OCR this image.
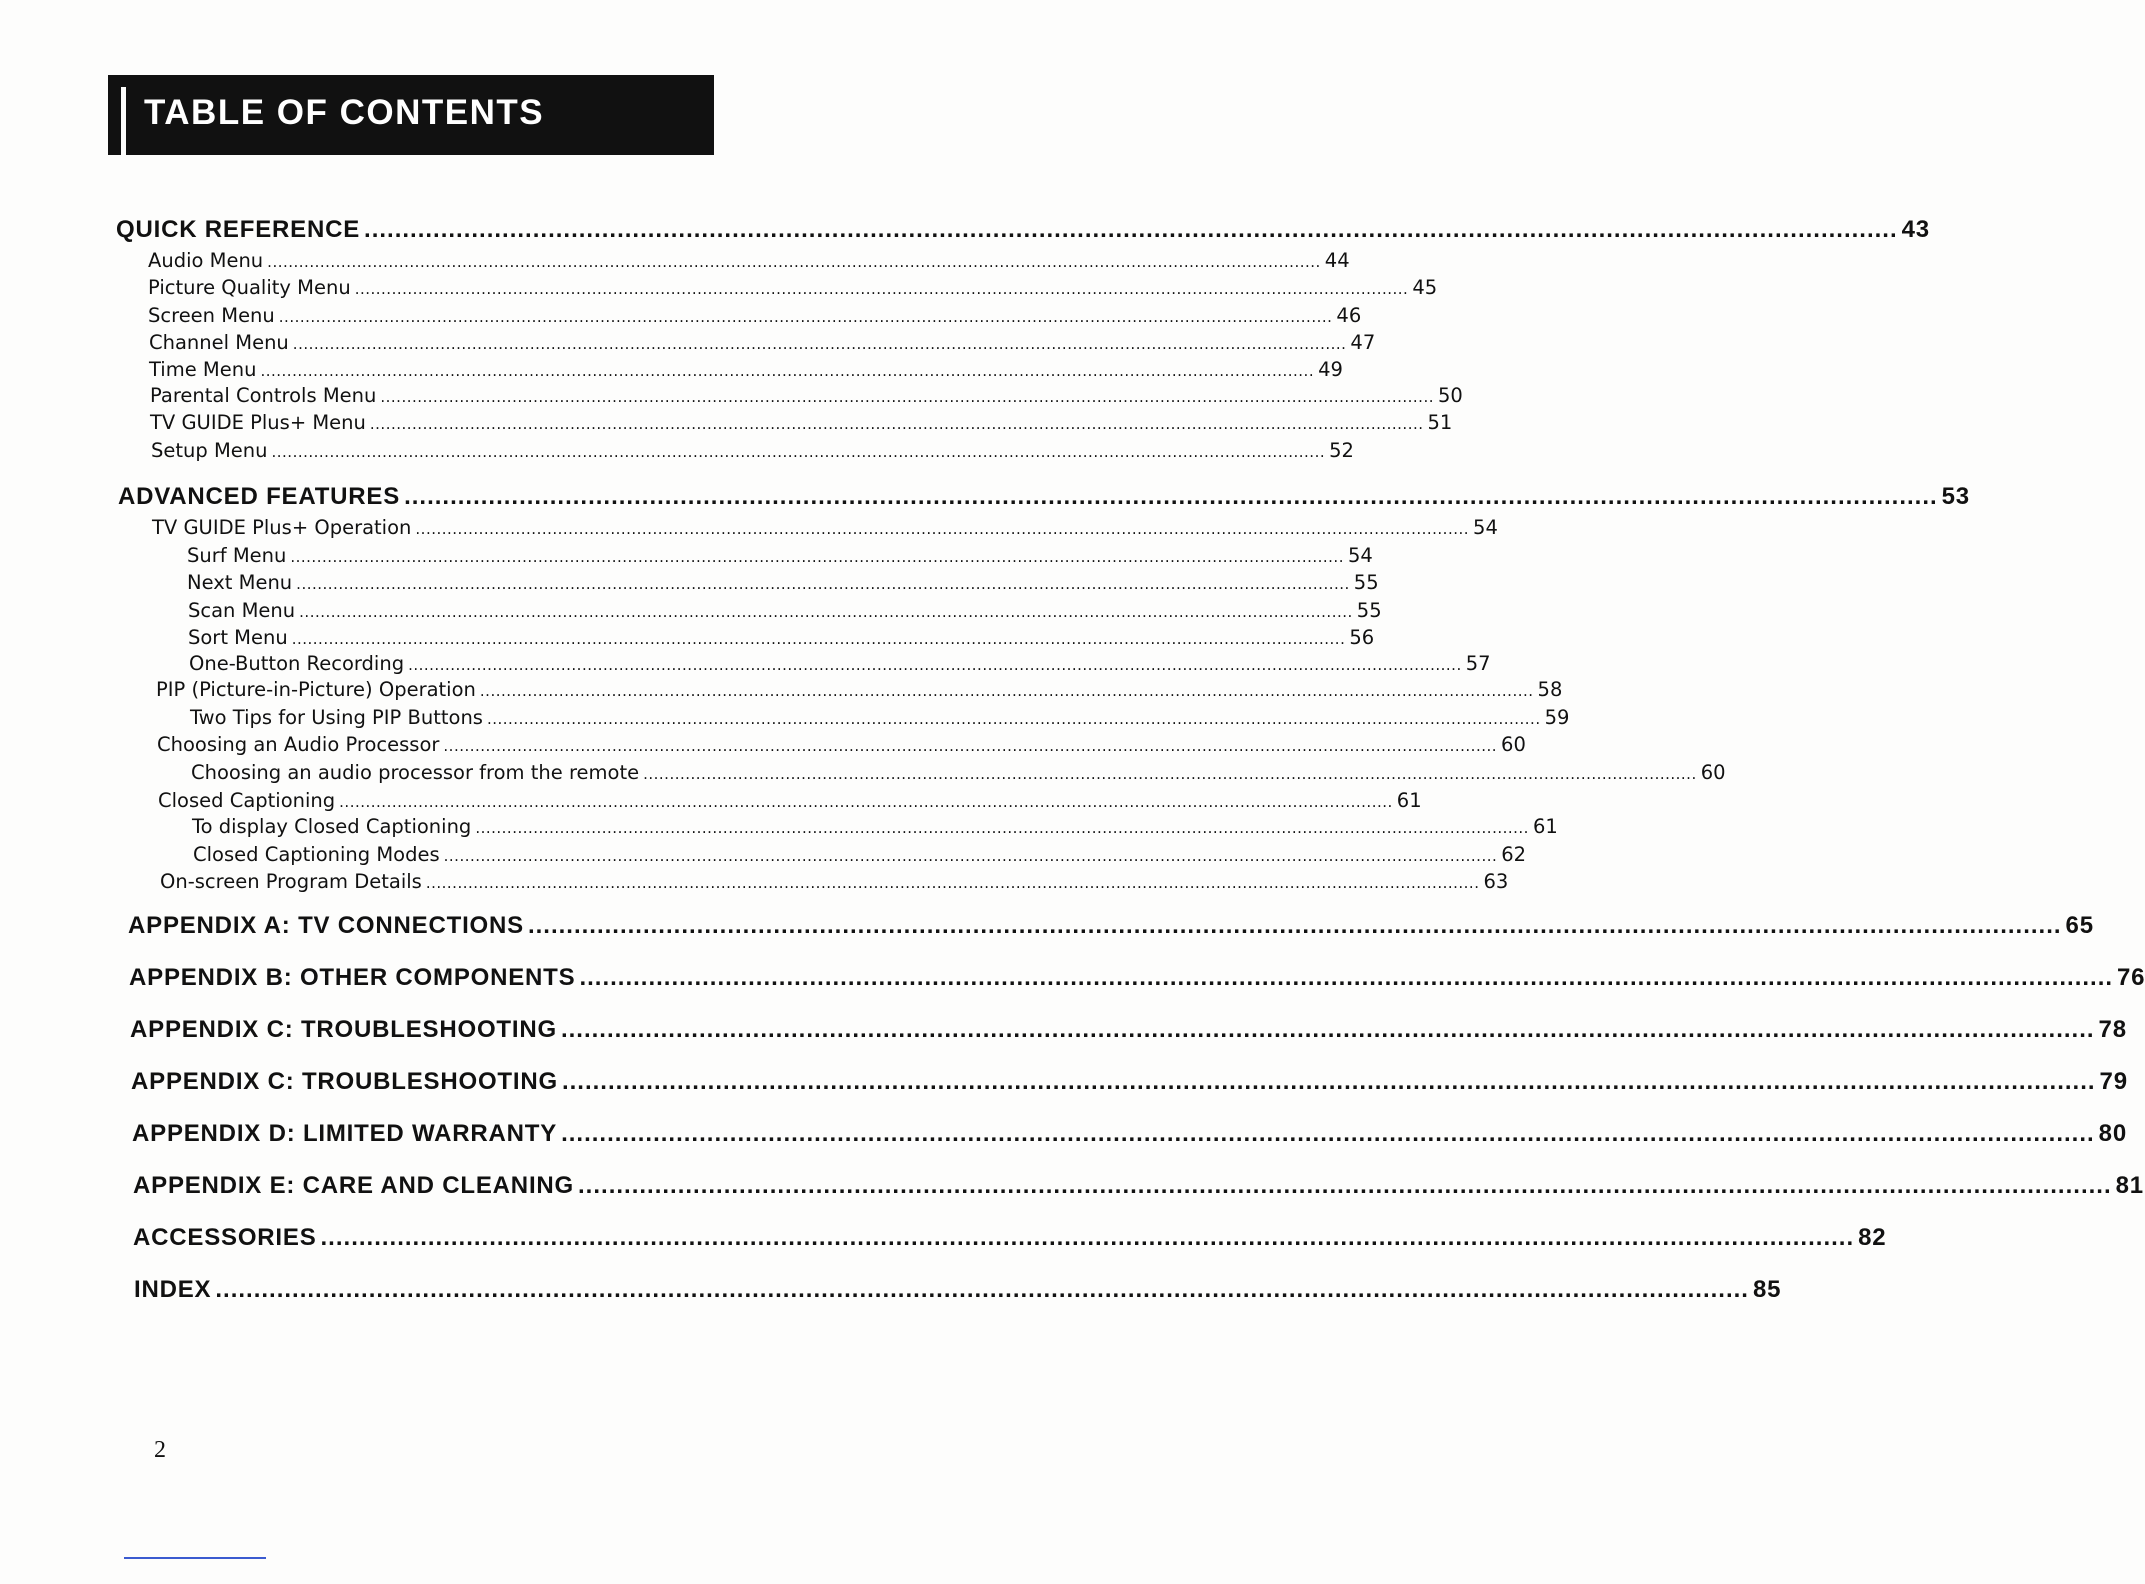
TABLE OF CONTENTS
QUICK REFERENCE ........................................................................................................................................................................................................ 43
Audio Menu ........................................................................................................................................................................................................ 44
Picture Quality Menu ........................................................................................................................................................................................................ 45
Screen Menu ........................................................................................................................................................................................................ 46
Channel Menu ........................................................................................................................................................................................................ 47
Time Menu ........................................................................................................................................................................................................ 49
Parental Controls Menu ........................................................................................................................................................................................................ 50
TV GUIDE Plus+ Menu ........................................................................................................................................................................................................ 51
Setup Menu ........................................................................................................................................................................................................ 52
ADVANCED FEATURES ........................................................................................................................................................................................................ 53
TV GUIDE Plus+ Operation ........................................................................................................................................................................................................ 54
Surf Menu ........................................................................................................................................................................................................ 54
Next Menu ........................................................................................................................................................................................................ 55
Scan Menu ........................................................................................................................................................................................................ 55
Sort Menu ........................................................................................................................................................................................................ 56
One-Button Recording ........................................................................................................................................................................................................ 57
PIP (Picture-in-Picture) Operation ........................................................................................................................................................................................................ 58
Two Tips for Using PIP Buttons ........................................................................................................................................................................................................ 59
Choosing an Audio Processor ........................................................................................................................................................................................................ 60
Choosing an audio processor from the remote ........................................................................................................................................................................................................ 60
Closed Captioning ........................................................................................................................................................................................................ 61
To display Closed Captioning ........................................................................................................................................................................................................ 61
Closed Captioning Modes ........................................................................................................................................................................................................ 62
On-screen Program Details ........................................................................................................................................................................................................ 63
APPENDIX A: TV CONNECTIONS ........................................................................................................................................................................................................ 65
APPENDIX B: OTHER COMPONENTS ........................................................................................................................................................................................................ 76
APPENDIX C: TROUBLESHOOTING ........................................................................................................................................................................................................ 78
APPENDIX C: TROUBLESHOOTING ........................................................................................................................................................................................................ 79
APPENDIX D: LIMITED WARRANTY ........................................................................................................................................................................................................ 80
APPENDIX E: CARE AND CLEANING ........................................................................................................................................................................................................ 81
ACCESSORIES ........................................................................................................................................................................................................ 82
INDEX ........................................................................................................................................................................................................ 85
2
